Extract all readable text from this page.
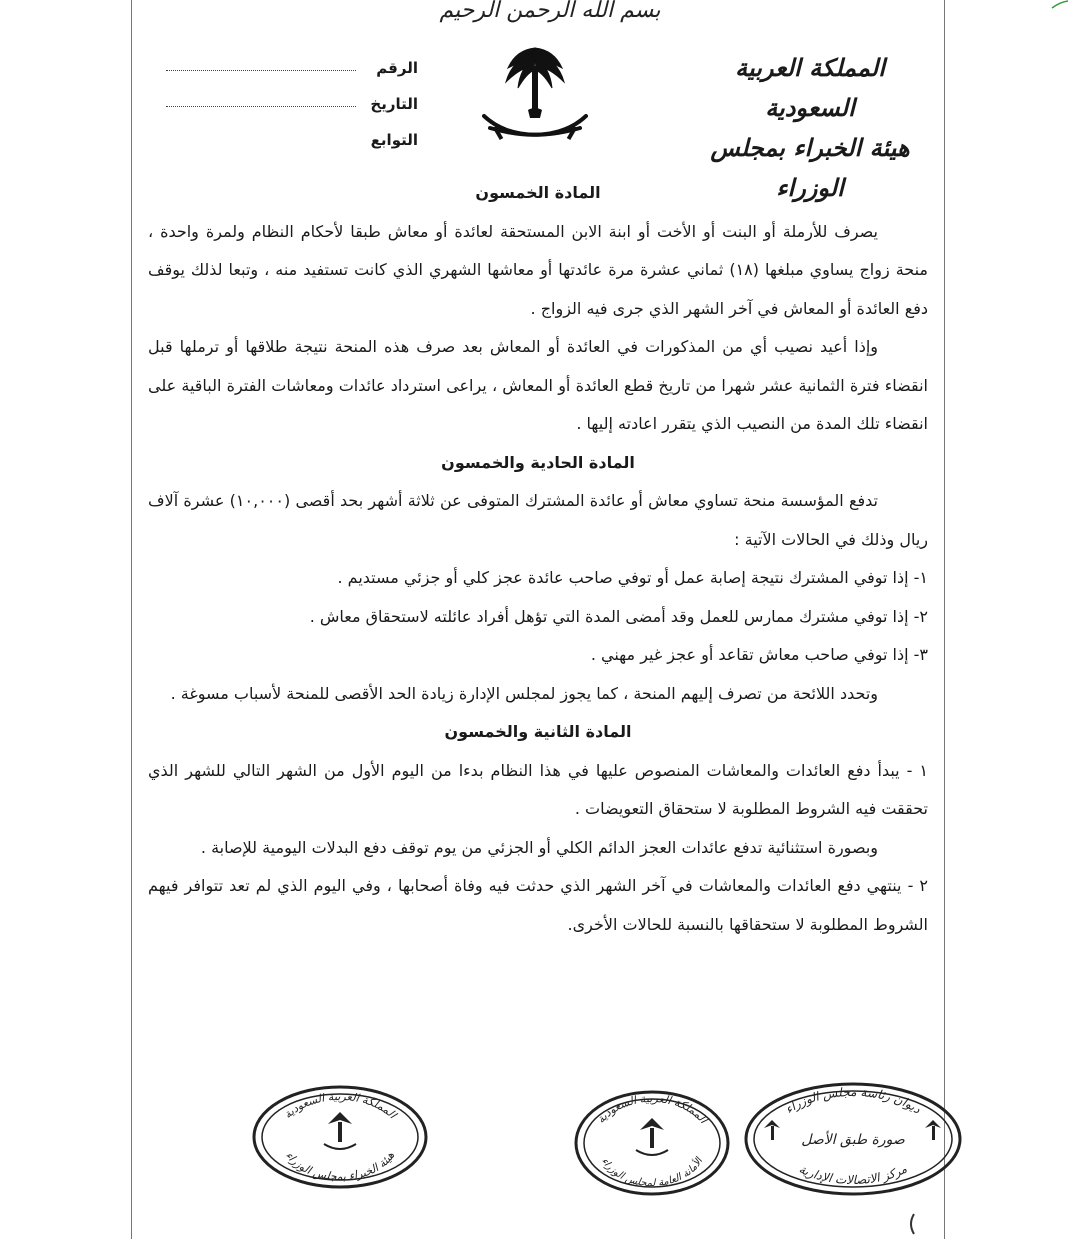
بسم الله الرحمن الرحيم
الرقم
التاريخ
التوابع
المملكة العربية السعودية
هيئة الخبراء بمجلس الوزراء

المادة الخمسون

يصرف للأرملة أو البنت أو الأخت أو ابنة الابن المستحقة لعائدة أو معاش طبقا لأحكام النظام ولمرة واحدة ، منحة زواج يساوي مبلغها (١٨) ثماني عشرة مرة عائدتها أو معاشها الشهري الذي كانت تستفيد منه ، وتبعا لذلك يوقف دفع العائدة أو المعاش في آخر الشهر الذي جرى فيه الزواج .

وإذا أعيد نصيب أي من المذكورات في العائدة أو المعاش بعد صرف هذه المنحة نتيجة طلاقها أو ترملها قبل انقضاء فترة الثمانية عشر شهرا من تاريخ قطع العائدة أو المعاش ، يراعى استرداد عائدات ومعاشات الفترة الباقية على انقضاء تلك المدة من النصيب الذي يتقرر اعادته إليها .

المادة الحادية والخمسون

تدفع المؤسسة منحة تساوي معاش أو عائدة المشترك المتوفى عن ثلاثة أشهر بحد أقصى (١٠,٠٠٠) عشرة آلاف ريال وذلك في الحالات الآتية :

١- إذا توفي المشترك نتيجة إصابة عمل أو توفي صاحب عائدة عجز كلي أو جزئي مستديم .

٢- إذا توفي مشترك ممارس للعمل وقد أمضى المدة التي تؤهل أفراد عائلته لاستحقاق معاش .

٣- إذا توفي صاحب معاش تقاعد أو عجز غير مهني .

وتحدد اللائحة من تصرف إليهم المنحة ، كما يجوز لمجلس الإدارة زيادة الحد الأقصى للمنحة لأسباب مسوغة .

المادة الثانية والخمسون

١ - يبدأ دفع العائدات والمعاشات المنصوص عليها في هذا النظام بدءا من اليوم الأول من الشهر التالي للشهر الذي تحققت فيه الشروط المطلوبة لا ستحقاق التعويضات .

وبصورة استثنائية تدفع عائدات العجز الدائم الكلي أو الجزئي من يوم توقف دفع البدلات اليومية للإصابة .

٢ - ينتهي دفع العائدات والمعاشات في آخر الشهر الذي حدثت فيه وفاة أصحابها ، وفي اليوم الذي لم تعد تتوافر فيهم الشروط المطلوبة لا ستحقاقها بالنسبة للحالات الأخرى.

المملكة العربية السعودية
هيئة الخبراء بمجلس الوزراء
المملكة العربية السعودية
الأمانة العامة لمجلس الوزراء
ديوان رئاسة مجلس الوزراء
صورة طبق الأصل
مركز الاتصالات الإدارية
